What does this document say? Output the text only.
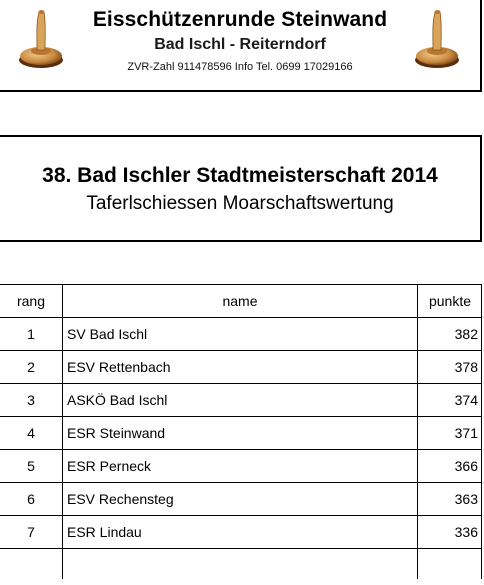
Eisschützenrunde Steinwand
Bad Ischl - Reiterndorf
ZVR-Zahl 911478596 Info Tel. 0699 17029166
38. Bad Ischler Stadtmeisterschaft 2014
Taferlschiessen Moarschaftswertung
rang	name	punkte
1	SV Bad Ischl	382
2	ESV Rettenbach	378
3	ASKÖ Bad Ischl	374
4	ESR Steinwand	371
5	ESR Perneck	366
6	ESV Rechensteg	363
7	ESR Lindau	336
